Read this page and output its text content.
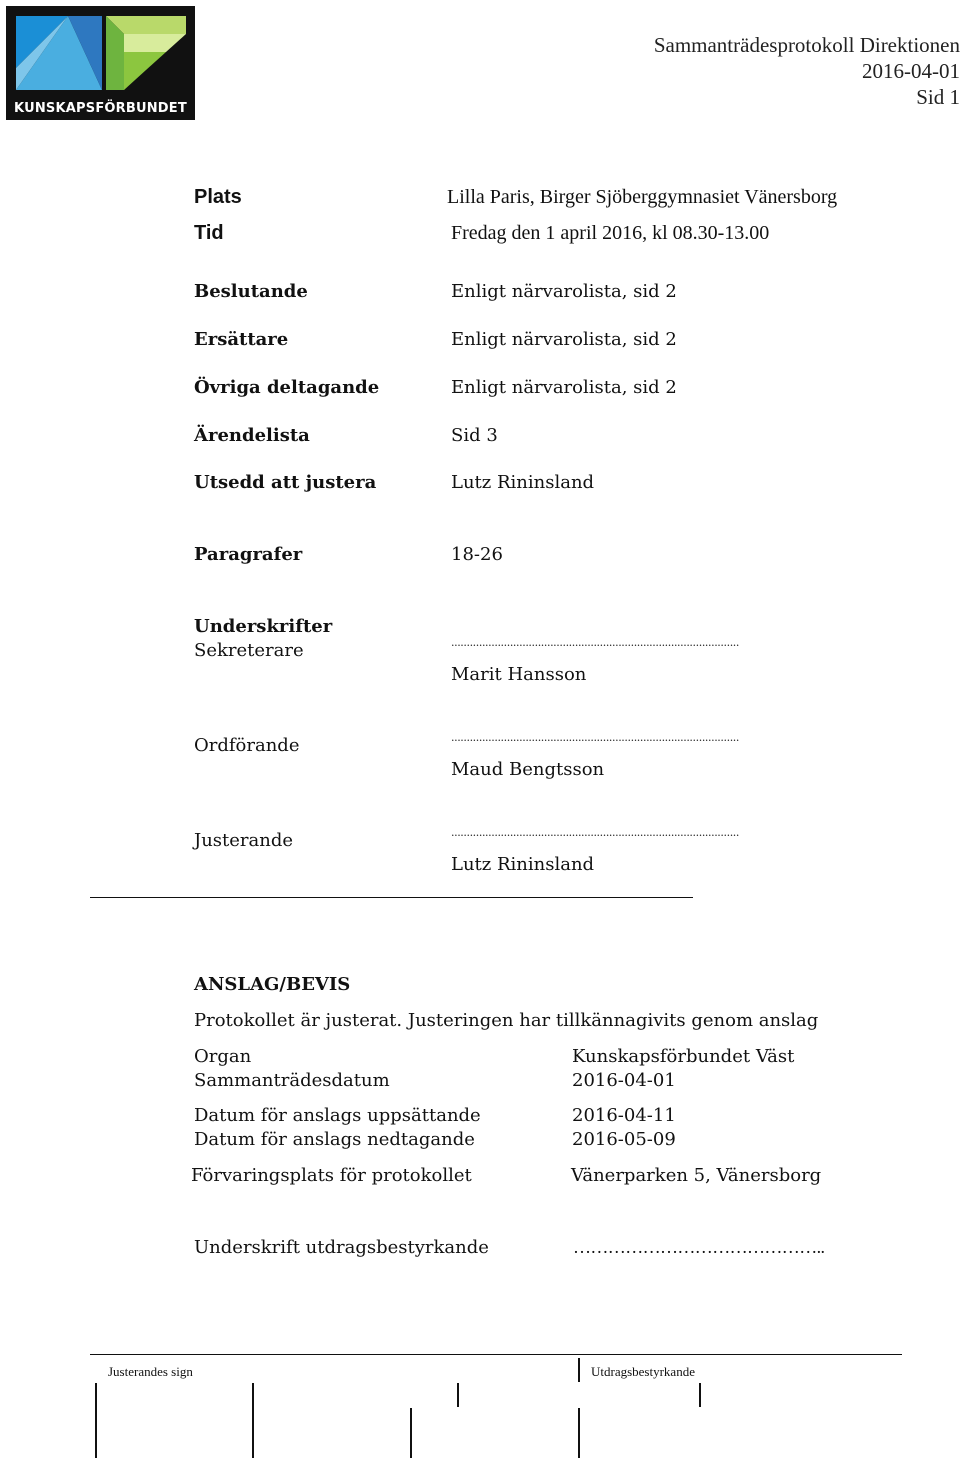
KUNSKAPSFÖRBUNDET
Sammanträdesprotokoll Direktionen
2016-04-01
Sid 1
Plats	Lilla Paris, Birger Sjöberggymnasiet Vänersborg
Tid	Fredag den 1 april 2016, kl 08.30-13.00
Beslutande	Enligt närvarolista, sid 2
Ersättare	Enligt närvarolista, sid 2
Övriga deltagande	Enligt närvarolista, sid 2
Ärendelista	Sid 3
Utsedd att justera	Lutz Rininsland
Paragrafer	18-26
Underskrifter
Sekreterare	.............................................................................................
Marit Hansson
Ordförande	.............................................................................................
Maud Bengtsson
Justerande	.............................................................................................
Lutz Rininsland
ANSLAG/BEVIS
Protokollet är justerat. Justeringen har tillkännagivits genom anslag
Organ	Kunskapsförbundet Väst
Sammanträdesdatum	2016-04-01
Datum för anslags uppsättande	2016-04-11
Datum för anslags nedtagande	2016-05-09
Förvaringsplats för protokollet	Vänerparken 5, Vänersborg
Underskrift utdragsbestyrkande	……………………………………..
Justerandes sign	Utdragsbestyrkande
